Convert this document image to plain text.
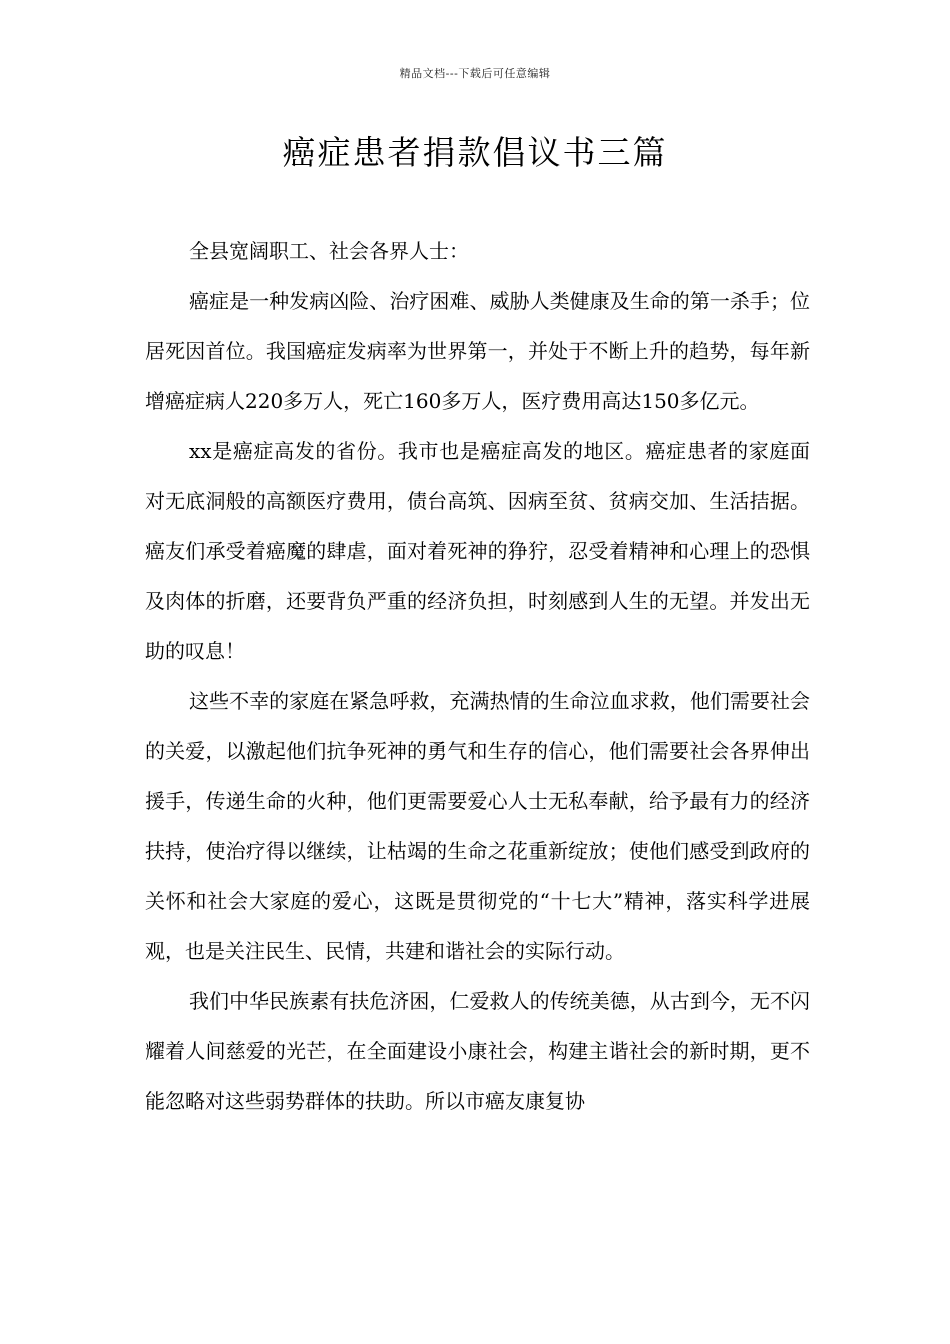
精品文档---下载后可任意编辑
癌症患者捐款倡议书三篇

全县宽阔职工、社会各界人士：

癌症是一种发病凶险、治疗困难、威胁人类健康及生命的第一杀手；位居死因首位。我国癌症发病率为世界第一，并处于不断上升的趋势，每年新增癌症病人220多万人，死亡160多万人，医疗费用高达150多亿元。

xx是癌症高发的省份。我市也是癌症高发的地区。癌症患者的家庭面对无底洞般的高额医疗费用，债台高筑、因病至贫、贫病交加、生活拮据。癌友们承受着癌魔的肆虐，面对着死神的狰狞，忍受着精神和心理上的恐惧及肉体的折磨，还要背负严重的经济负担，时刻感到人生的无望。并发出无助的叹息！

这些不幸的家庭在紧急呼救，充满热情的生命泣血求救，他们需要社会的关爱，以激起他们抗争死神的勇气和生存的信心，他们需要社会各界伸出援手，传递生命的火种，他们更需要爱心人士无私奉献，给予最有力的经济扶持，使治疗得以继续，让枯竭的生命之花重新绽放；使他们感受到政府的关怀和社会大家庭的爱心，这既是贯彻党的“十七大”精神，落实科学进展观，也是关注民生、民情，共建和谐社会的实际行动。

我们中华民族素有扶危济困，仁爱救人的传统美德，从古到今，无不闪耀着人间慈爱的光芒，在全面建设小康社会，构建主谐社会的新时期，更不能忽略对这些弱势群体的扶助。所以市癌友康复协
